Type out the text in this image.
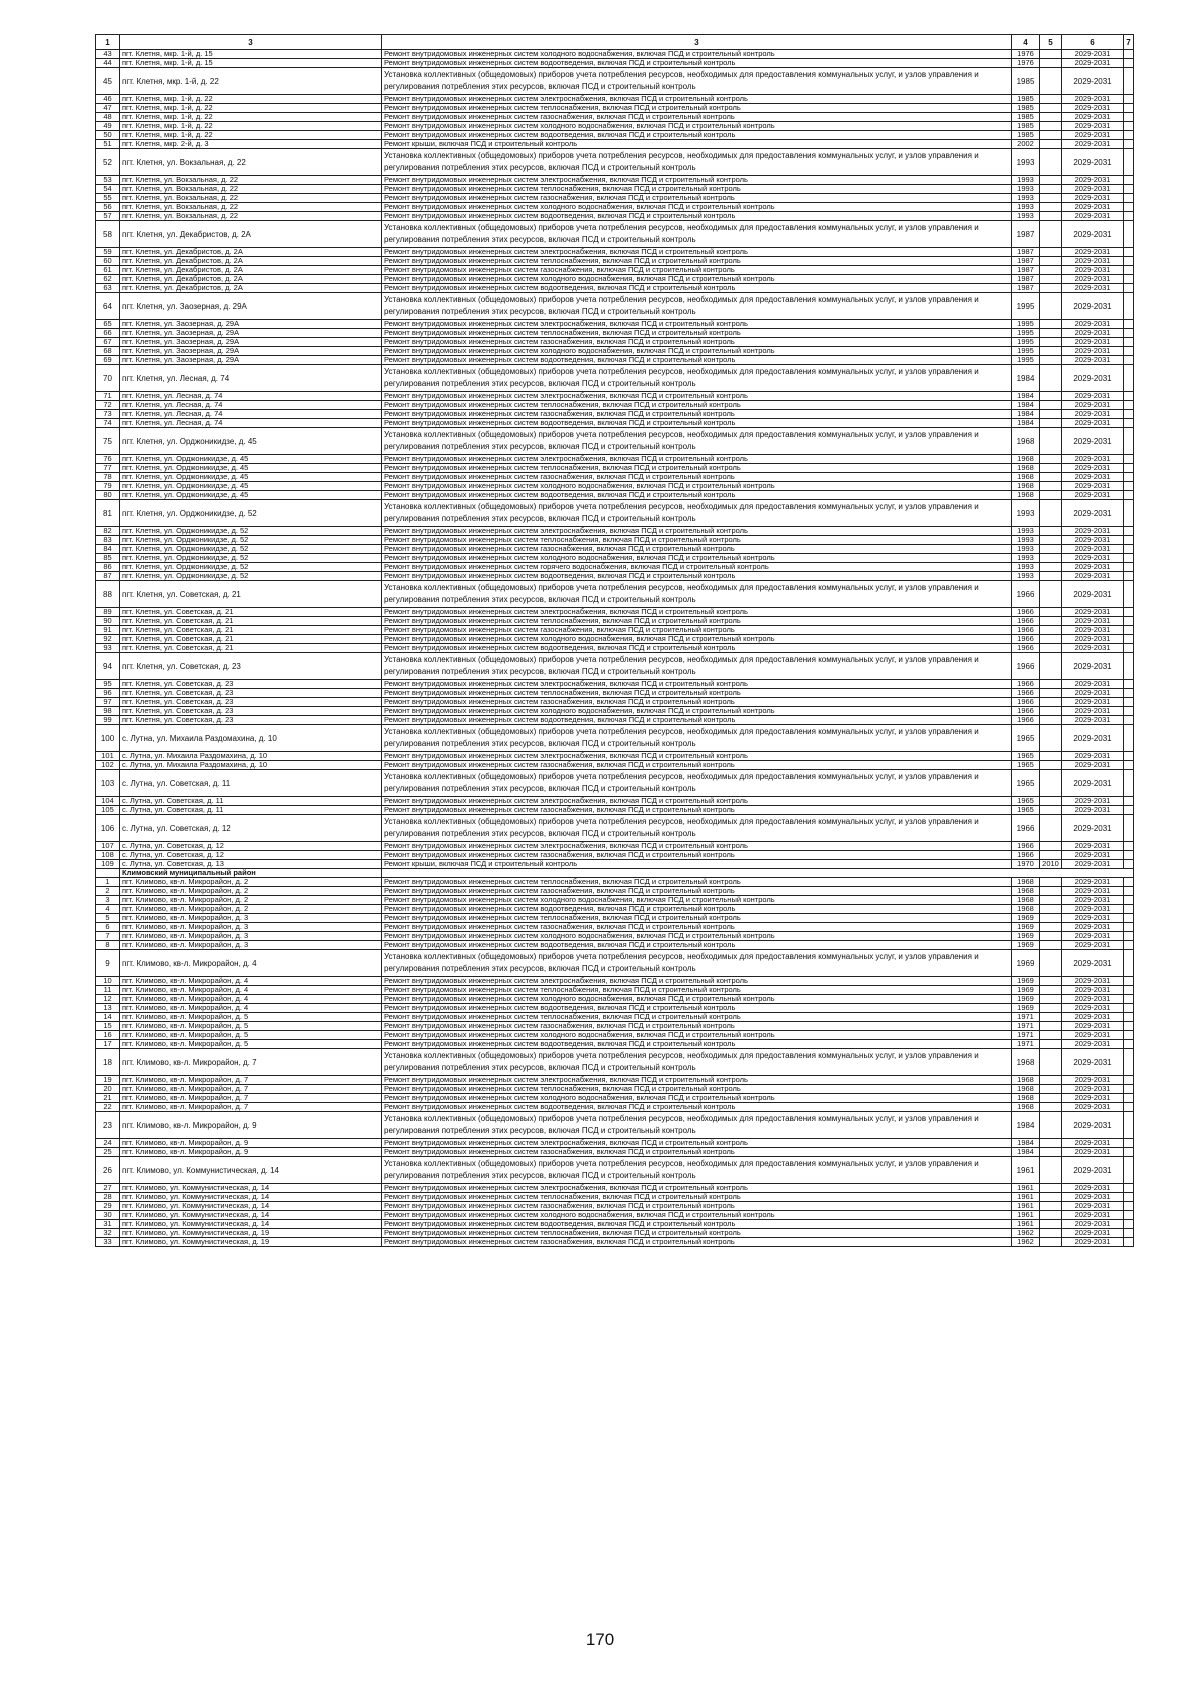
1	3	3	4	5	6	7
43	пгт. Клетня, мкр. 1-й, д. 15	Ремонт внутридомовых инженерных систем холодного водоснабжения, включая ПСД и строительный контроль	1976		2029-2031	
44	пгт. Клетня, мкр. 1-й, д. 15	Ремонт внутридомовых инженерных систем водоотведения, включая ПСД и строительный контроль	1976		2029-2031	
45	пгт. Клетня, мкр. 1-й, д. 22	Установка коллективных (общедомовых) приборов учета потребления ресурсов, необходимых для предоставления коммунальных услуг, и узлов управления и регулирования потребления этих ресурсов, включая ПСД и строительный контроль	1985		2029-2031	
46	пгт. Клетня, мкр. 1-й, д. 22	Ремонт внутридомовых инженерных систем электроснабжения, включая ПСД и строительный контроль	1985		2029-2031	
47	пгт. Клетня, мкр. 1-й, д. 22	Ремонт внутридомовых инженерных систем теплоснабжения, включая ПСД и строительный контроль	1985		2029-2031	
48	пгт. Клетня, мкр. 1-й, д. 22	Ремонт внутридомовых инженерных систем газоснабжения, включая ПСД и строительный контроль	1985		2029-2031	
49	пгт. Клетня, мкр. 1-й, д. 22	Ремонт внутридомовых инженерных систем холодного водоснабжения, включая ПСД и строительный контроль	1985		2029-2031	
50	пгт. Клетня, мкр. 1-й, д. 22	Ремонт внутридомовых инженерных систем водоотведения, включая ПСД и строительный контроль	1985		2029-2031	
51	пгт. Клетня, мкр. 2-й, д. 3	Ремонт крыши, включая ПСД и строительный контроль	2002		2029-2031	
52	пгт. Клетня, ул. Вокзальная, д. 22	Установка коллективных (общедомовых) приборов учета потребления ресурсов, необходимых для предоставления коммунальных услуг, и узлов управления и регулирования потребления этих ресурсов, включая ПСД и строительный контроль	1993		2029-2031	
53	пгт. Клетня, ул. Вокзальная, д. 22	Ремонт внутридомовых инженерных систем электроснабжения, включая ПСД и строительный контроль	1993		2029-2031	
54	пгт. Клетня, ул. Вокзальная, д. 22	Ремонт внутридомовых инженерных систем теплоснабжения, включая ПСД и строительный контроль	1993		2029-2031	
55	пгт. Клетня, ул. Вокзальная, д. 22	Ремонт внутридомовых инженерных систем газоснабжения, включая ПСД и строительный контроль	1993		2029-2031	
56	пгт. Клетня, ул. Вокзальная, д. 22	Ремонт внутридомовых инженерных систем холодного водоснабжения, включая ПСД и строительный контроль	1993		2029-2031	
57	пгт. Клетня, ул. Вокзальная, д. 22	Ремонт внутридомовых инженерных систем водоотведения, включая ПСД и строительный контроль	1993		2029-2031	
58	пгт. Клетня, ул. Декабристов, д. 2А	Установка коллективных (общедомовых) приборов учета потребления ресурсов, необходимых для предоставления коммунальных услуг, и узлов управления и регулирования потребления этих ресурсов, включая ПСД и строительный контроль	1987		2029-2031	
59	пгт. Клетня, ул. Декабристов, д. 2А	Ремонт внутридомовых инженерных систем электроснабжения, включая ПСД и строительный контроль	1987		2029-2031	
60	пгт. Клетня, ул. Декабристов, д. 2А	Ремонт внутридомовых инженерных систем теплоснабжения, включая ПСД и строительный контроль	1987		2029-2031	
61	пгт. Клетня, ул. Декабристов, д. 2А	Ремонт внутридомовых инженерных систем газоснабжения, включая ПСД и строительный контроль	1987		2029-2031	
62	пгт. Клетня, ул. Декабристов, д. 2А	Ремонт внутридомовых инженерных систем холодного водоснабжения, включая ПСД и строительный контроль	1987		2029-2031	
63	пгт. Клетня, ул. Декабристов, д. 2А	Ремонт внутридомовых инженерных систем водоотведения, включая ПСД и строительный контроль	1987		2029-2031	
64	пгт. Клетня, ул. Заозерная, д. 29А	Установка коллективных (общедомовых) приборов учета потребления ресурсов, необходимых для предоставления коммунальных услуг, и узлов управления и регулирования потребления этих ресурсов, включая ПСД и строительный контроль	1995		2029-2031	
65	пгт. Клетня, ул. Заозерная, д. 29А	Ремонт внутридомовых инженерных систем электроснабжения, включая ПСД и строительный контроль	1995		2029-2031	
66	пгт. Клетня, ул. Заозерная, д. 29А	Ремонт внутридомовых инженерных систем теплоснабжения, включая ПСД и строительный контроль	1995		2029-2031	
67	пгт. Клетня, ул. Заозерная, д. 29А	Ремонт внутридомовых инженерных систем газоснабжения, включая ПСД и строительный контроль	1995		2029-2031	
68	пгт. Клетня, ул. Заозерная, д. 29А	Ремонт внутридомовых инженерных систем холодного водоснабжения, включая ПСД и строительный контроль	1995		2029-2031	
69	пгт. Клетня, ул. Заозерная, д. 29А	Ремонт внутридомовых инженерных систем водоотведения, включая ПСД и строительный контроль	1995		2029-2031	
70	пгт. Клетня, ул. Лесная, д. 74	Установка коллективных (общедомовых) приборов учета потребления ресурсов, необходимых для предоставления коммунальных услуг, и узлов управления и регулирования потребления этих ресурсов, включая ПСД и строительный контроль	1984		2029-2031	
71	пгт. Клетня, ул. Лесная, д. 74	Ремонт внутридомовых инженерных систем электроснабжения, включая ПСД и строительный контроль	1984		2029-2031	
72	пгт. Клетня, ул. Лесная, д. 74	Ремонт внутридомовых инженерных систем теплоснабжения, включая ПСД и строительный контроль	1984		2029-2031	
73	пгт. Клетня, ул. Лесная, д. 74	Ремонт внутридомовых инженерных систем газоснабжения, включая ПСД и строительный контроль	1984		2029-2031	
74	пгт. Клетня, ул. Лесная, д. 74	Ремонт внутридомовых инженерных систем водоотведения, включая ПСД и строительный контроль	1984		2029-2031	
75	пгт. Клетня, ул. Орджоникидзе, д. 45	Установка коллективных (общедомовых) приборов учета потребления ресурсов, необходимых для предоставления коммунальных услуг, и узлов управления и регулирования потребления этих ресурсов, включая ПСД и строительный контроль	1968		2029-2031	
76	пгт. Клетня, ул. Орджоникидзе, д. 45	Ремонт внутридомовых инженерных систем электроснабжения, включая ПСД и строительный контроль	1968		2029-2031	
77	пгт. Клетня, ул. Орджоникидзе, д. 45	Ремонт внутридомовых инженерных систем теплоснабжения, включая ПСД и строительный контроль	1968		2029-2031	
78	пгт. Клетня, ул. Орджоникидзе, д. 45	Ремонт внутридомовых инженерных систем газоснабжения, включая ПСД и строительный контроль	1968		2029-2031	
79	пгт. Клетня, ул. Орджоникидзе, д. 45	Ремонт внутридомовых инженерных систем холодного водоснабжения, включая ПСД и строительный контроль	1968		2029-2031	
80	пгт. Клетня, ул. Орджоникидзе, д. 45	Ремонт внутридомовых инженерных систем водоотведения, включая ПСД и строительный контроль	1968		2029-2031	
81	пгт. Клетня, ул. Орджоникидзе, д. 52	Установка коллективных (общедомовых) приборов учета потребления ресурсов, необходимых для предоставления коммунальных услуг, и узлов управления и регулирования потребления этих ресурсов, включая ПСД и строительный контроль	1993		2029-2031	
82	пгт. Клетня, ул. Орджоникидзе, д. 52	Ремонт внутридомовых инженерных систем электроснабжения, включая ПСД и строительный контроль	1993		2029-2031	
83	пгт. Клетня, ул. Орджоникидзе, д. 52	Ремонт внутридомовых инженерных систем теплоснабжения, включая ПСД и строительный контроль	1993		2029-2031	
84	пгт. Клетня, ул. Орджоникидзе, д. 52	Ремонт внутридомовых инженерных систем газоснабжения, включая ПСД и строительный контроль	1993		2029-2031	
85	пгт. Клетня, ул. Орджоникидзе, д. 52	Ремонт внутридомовых инженерных систем холодного водоснабжения, включая ПСД и строительный контроль	1993		2029-2031	
86	пгт. Клетня, ул. Орджоникидзе, д. 52	Ремонт внутридомовых инженерных систем горячего водоснабжения, включая ПСД и строительный контроль	1993		2029-2031	
87	пгт. Клетня, ул. Орджоникидзе, д. 52	Ремонт внутридомовых инженерных систем водоотведения, включая ПСД и строительный контроль	1993		2029-2031	
88	пгт. Клетня, ул. Советская, д. 21	Установка коллективных (общедомовых) приборов учета потребления ресурсов, необходимых для предоставления коммунальных услуг, и узлов управления и регулирования потребления этих ресурсов, включая ПСД и строительный контроль	1966		2029-2031	
89	пгт. Клетня, ул. Советская, д. 21	Ремонт внутридомовых инженерных систем электроснабжения, включая ПСД и строительный контроль	1966		2029-2031	
90	пгт. Клетня, ул. Советская, д. 21	Ремонт внутридомовых инженерных систем теплоснабжения, включая ПСД и строительный контроль	1966		2029-2031	
91	пгт. Клетня, ул. Советская, д. 21	Ремонт внутридомовых инженерных систем газоснабжения, включая ПСД и строительный контроль	1966		2029-2031	
92	пгт. Клетня, ул. Советская, д. 21	Ремонт внутридомовых инженерных систем холодного водоснабжения, включая ПСД и строительный контроль	1966		2029-2031	
93	пгт. Клетня, ул. Советская, д. 21	Ремонт внутридомовых инженерных систем водоотведения, включая ПСД и строительный контроль	1966		2029-2031	
94	пгт. Клетня, ул. Советская, д. 23	Установка коллективных (общедомовых) приборов учета потребления ресурсов, необходимых для предоставления коммунальных услуг, и узлов управления и регулирования потребления этих ресурсов, включая ПСД и строительный контроль	1966		2029-2031	
95	пгт. Клетня, ул. Советская, д. 23	Ремонт внутридомовых инженерных систем электроснабжения, включая ПСД и строительный контроль	1966		2029-2031	
96	пгт. Клетня, ул. Советская, д. 23	Ремонт внутридомовых инженерных систем теплоснабжения, включая ПСД и строительный контроль	1966		2029-2031	
97	пгт. Клетня, ул. Советская, д. 23	Ремонт внутридомовых инженерных систем газоснабжения, включая ПСД и строительный контроль	1966		2029-2031	
98	пгт. Клетня, ул. Советская, д. 23	Ремонт внутридомовых инженерных систем холодного водоснабжения, включая ПСД и строительный контроль	1966		2029-2031	
99	пгт. Клетня, ул. Советская, д. 23	Ремонт внутридомовых инженерных систем водоотведения, включая ПСД и строительный контроль	1966		2029-2031	
100	с. Лутна, ул. Михаила Раздомахина, д. 10	Установка коллективных (общедомовых) приборов учета потребления ресурсов, необходимых для предоставления коммунальных услуг, и узлов управления и регулирования потребления этих ресурсов, включая ПСД и строительный контроль	1965		2029-2031	
101	с. Лутна, ул. Михаила Раздомахина, д. 10	Ремонт внутридомовых инженерных систем электроснабжения, включая ПСД и строительный контроль	1965		2029-2031	
102	с. Лутна, ул. Михаила Раздомахина, д. 10	Ремонт внутридомовых инженерных систем газоснабжения, включая ПСД и строительный контроль	1965		2029-2031	
103	с. Лутна, ул. Советская, д. 11	Установка коллективных (общедомовых) приборов учета потребления ресурсов, необходимых для предоставления коммунальных услуг, и узлов управления и регулирования потребления этих ресурсов, включая ПСД и строительный контроль	1965		2029-2031	
104	с. Лутна, ул. Советская, д. 11	Ремонт внутридомовых инженерных систем электроснабжения, включая ПСД и строительный контроль	1965		2029-2031	
105	с. Лутна, ул. Советская, д. 11	Ремонт внутридомовых инженерных систем газоснабжения, включая ПСД и строительный контроль	1965		2029-2031	
106	с. Лутна, ул. Советская, д. 12	Установка коллективных (общедомовых) приборов учета потребления ресурсов, необходимых для предоставления коммунальных услуг, и узлов управления и регулирования потребления этих ресурсов, включая ПСД и строительный контроль	1966		2029-2031	
107	с. Лутна, ул. Советская, д. 12	Ремонт внутридомовых инженерных систем электроснабжения, включая ПСД и строительный контроль	1966		2029-2031	
108	с. Лутна, ул. Советская, д. 12	Ремонт внутридомовых инженерных систем газоснабжения, включая ПСД и строительный контроль	1966		2029-2031	
109	с. Лутна, ул. Советская, д. 13	Ремонт крыши, включая ПСД и строительный контроль	1970	2010	2029-2031	
	Климовский муниципальный район					
1	пгт. Климово, кв-л. Микрорайон, д. 2	Ремонт внутридомовых инженерных систем теплоснабжения, включая ПСД и строительный контроль	1968		2029-2031	
2	пгт. Климово, кв-л. Микрорайон, д. 2	Ремонт внутридомовых инженерных систем газоснабжения, включая ПСД и строительный контроль	1968		2029-2031	
3	пгт. Климово, кв-л. Микрорайон, д. 2	Ремонт внутридомовых инженерных систем холодного водоснабжения, включая ПСД и строительный контроль	1968		2029-2031	
4	пгт. Климово, кв-л. Микрорайон, д. 2	Ремонт внутридомовых инженерных систем водоотведения, включая ПСД и строительный контроль	1968		2029-2031	
5	пгт. Климово, кв-л. Микрорайон, д. 3	Ремонт внутридомовых инженерных систем теплоснабжения, включая ПСД и строительный контроль	1969		2029-2031	
6	пгт. Климово, кв-л. Микрорайон, д. 3	Ремонт внутридомовых инженерных систем газоснабжения, включая ПСД и строительный контроль	1969		2029-2031	
7	пгт. Климово, кв-л. Микрорайон, д. 3	Ремонт внутридомовых инженерных систем холодного водоснабжения, включая ПСД и строительный контроль	1969		2029-2031	
8	пгт. Климово, кв-л. Микрорайон, д. 3	Ремонт внутридомовых инженерных систем водоотведения, включая ПСД и строительный контроль	1969		2029-2031	
9	пгт. Климово, кв-л. Микрорайон, д. 4	Установка коллективных (общедомовых) приборов учета потребления ресурсов, необходимых для предоставления коммунальных услуг, и узлов управления и регулирования потребления этих ресурсов, включая ПСД и строительный контроль	1969		2029-2031	
10	пгт. Климово, кв-л. Микрорайон, д. 4	Ремонт внутридомовых инженерных систем электроснабжения, включая ПСД и строительный контроль	1969		2029-2031	
11	пгт. Климово, кв-л. Микрорайон, д. 4	Ремонт внутридомовых инженерных систем теплоснабжения, включая ПСД и строительный контроль	1969		2029-2031	
12	пгт. Климово, кв-л. Микрорайон, д. 4	Ремонт внутридомовых инженерных систем холодного водоснабжения, включая ПСД и строительный контроль	1969		2029-2031	
13	пгт. Климово, кв-л. Микрорайон, д. 4	Ремонт внутридомовых инженерных систем водоотведения, включая ПСД и строительный контроль	1969		2029-2031	
14	пгт. Климово, кв-л. Микрорайон, д. 5	Ремонт внутридомовых инженерных систем теплоснабжения, включая ПСД и строительный контроль	1971		2029-2031	
15	пгт. Климово, кв-л. Микрорайон, д. 5	Ремонт внутридомовых инженерных систем газоснабжения, включая ПСД и строительный контроль	1971		2029-2031	
16	пгт. Климово, кв-л. Микрорайон, д. 5	Ремонт внутридомовых инженерных систем холодного водоснабжения, включая ПСД и строительный контроль	1971		2029-2031	
17	пгт. Климово, кв-л. Микрорайон, д. 5	Ремонт внутридомовых инженерных систем водоотведения, включая ПСД и строительный контроль	1971		2029-2031	
18	пгт. Климово, кв-л. Микрорайон, д. 7	Установка коллективных (общедомовых) приборов учета потребления ресурсов, необходимых для предоставления коммунальных услуг, и узлов управления и регулирования потребления этих ресурсов, включая ПСД и строительный контроль	1968		2029-2031	
19	пгт. Климово, кв-л. Микрорайон, д. 7	Ремонт внутридомовых инженерных систем электроснабжения, включая ПСД и строительный контроль	1968		2029-2031	
20	пгт. Климово, кв-л. Микрорайон, д. 7	Ремонт внутридомовых инженерных систем теплоснабжения, включая ПСД и строительный контроль	1968		2029-2031	
21	пгт. Климово, кв-л. Микрорайон, д. 7	Ремонт внутридомовых инженерных систем холодного водоснабжения, включая ПСД и строительный контроль	1968		2029-2031	
22	пгт. Климово, кв-л. Микрорайон, д. 7	Ремонт внутридомовых инженерных систем водоотведения, включая ПСД и строительный контроль	1968		2029-2031	
23	пгт. Климово, кв-л. Микрорайон, д. 9	Установка коллективных (общедомовых) приборов учета потребления ресурсов, необходимых для предоставления коммунальных услуг, и узлов управления и регулирования потребления этих ресурсов, включая ПСД и строительный контроль	1984		2029-2031	
24	пгт. Климово, кв-л. Микрорайон, д. 9	Ремонт внутридомовых инженерных систем электроснабжения, включая ПСД и строительный контроль	1984		2029-2031	
25	пгт. Климово, кв-л. Микрорайон, д. 9	Ремонт внутридомовых инженерных систем газоснабжения, включая ПСД и строительный контроль	1984		2029-2031	
26	пгт. Климово, ул. Коммунистическая, д. 14	Установка коллективных (общедомовых) приборов учета потребления ресурсов, необходимых для предоставления коммунальных услуг, и узлов управления и регулирования потребления этих ресурсов, включая ПСД и строительный контроль	1961		2029-2031	
27	пгт. Климово, ул. Коммунистическая, д. 14	Ремонт внутридомовых инженерных систем электроснабжения, включая ПСД и строительный контроль	1961		2029-2031	
28	пгт. Климово, ул. Коммунистическая, д. 14	Ремонт внутридомовых инженерных систем теплоснабжения, включая ПСД и строительный контроль	1961		2029-2031	
29	пгт. Климово, ул. Коммунистическая, д. 14	Ремонт внутридомовых инженерных систем газоснабжения, включая ПСД и строительный контроль	1961		2029-2031	
30	пгт. Климово, ул. Коммунистическая, д. 14	Ремонт внутридомовых инженерных систем холодного водоснабжения, включая ПСД и строительный контроль	1961		2029-2031	
31	пгт. Климово, ул. Коммунистическая, д. 14	Ремонт внутридомовых инженерных систем водоотведения, включая ПСД и строительный контроль	1961		2029-2031	
32	пгт. Климово, ул. Коммунистическая, д. 19	Ремонт внутридомовых инженерных систем теплоснабжения, включая ПСД и строительный контроль	1962		2029-2031	
33	пгт. Климово, ул. Коммунистическая, д. 19	Ремонт внутридомовых инженерных систем газоснабжения, включая ПСД и строительный контроль	1962		2029-2031	
170
